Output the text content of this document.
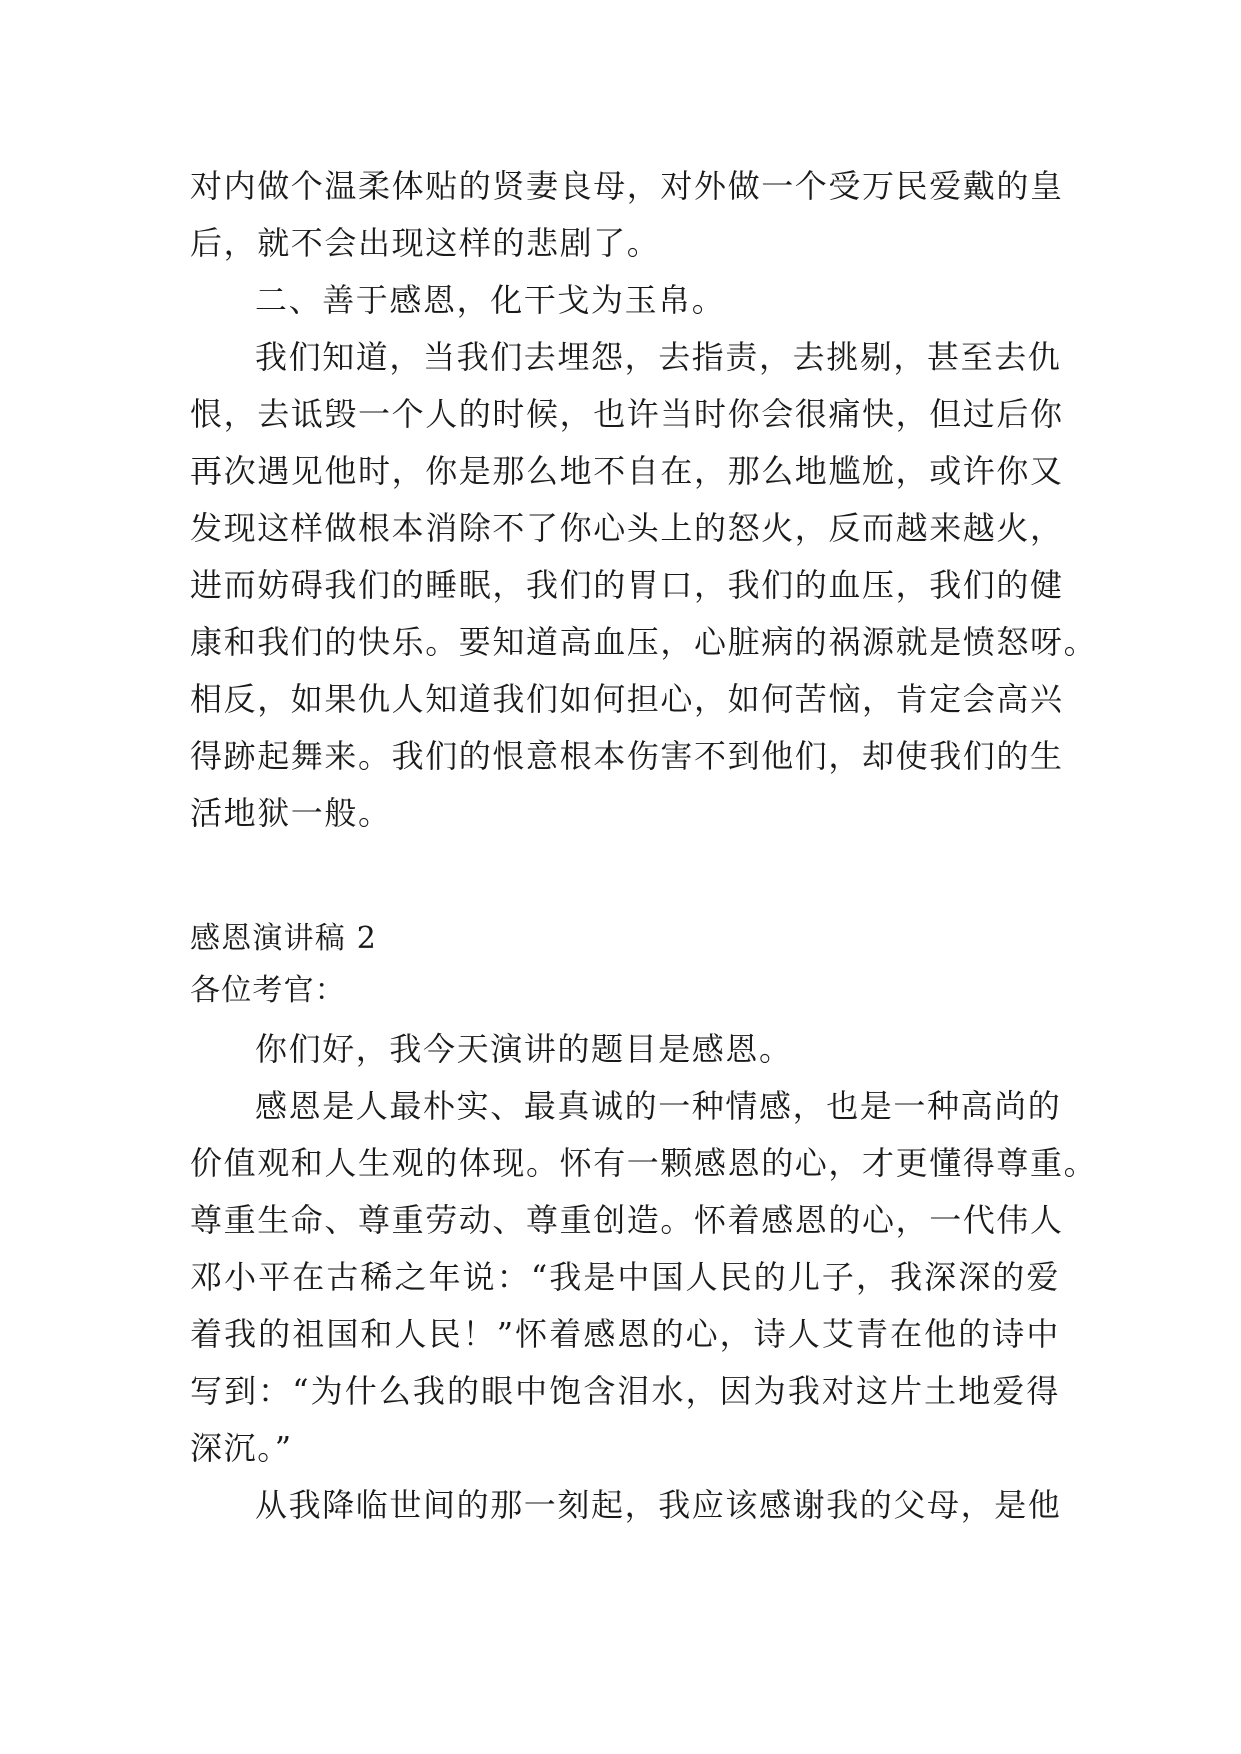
对内做个温柔体贴的贤妻良母，对外做一个受万民爱戴的皇
后，就不会出现这样的悲剧了。
二、善于感恩，化干戈为玉帛。
我们知道，当我们去埋怨，去指责，去挑剔，甚至去仇
恨，去诋毁一个人的时候，也许当时你会很痛快，但过后你
再次遇见他时，你是那么地不自在，那么地尴尬，或许你又
发现这样做根本消除不了你心头上的怒火，反而越来越火，
进而妨碍我们的睡眠，我们的胃口，我们的血压，我们的健
康和我们的快乐。要知道高血压，心脏病的祸源就是愤怒呀。
相反，如果仇人知道我们如何担心，如何苦恼，肯定会高兴
得跡起舞来。我们的恨意根本伤害不到他们，却使我们的生
活地狱一般。
感恩演讲稿 2
各位考官：
你们好，我今天演讲的题目是感恩。
感恩是人最朴实、最真诚的一种情感，也是一种高尚的
价值观和人生观的体现。怀有一颗感恩的心，才更懂得尊重。
尊重生命、尊重劳动、尊重创造。怀着感恩的心，一代伟人
邓小平在古稀之年说：“我是中国人民的儿子，我深深的爱
着我的祖国和人民！”怀着感恩的心，诗人艾青在他的诗中
写到：“为什么我的眼中饱含泪水，因为我对这片土地爱得
深沉。”
从我降临世间的那一刻起，我应该感谢我的父母，是他
